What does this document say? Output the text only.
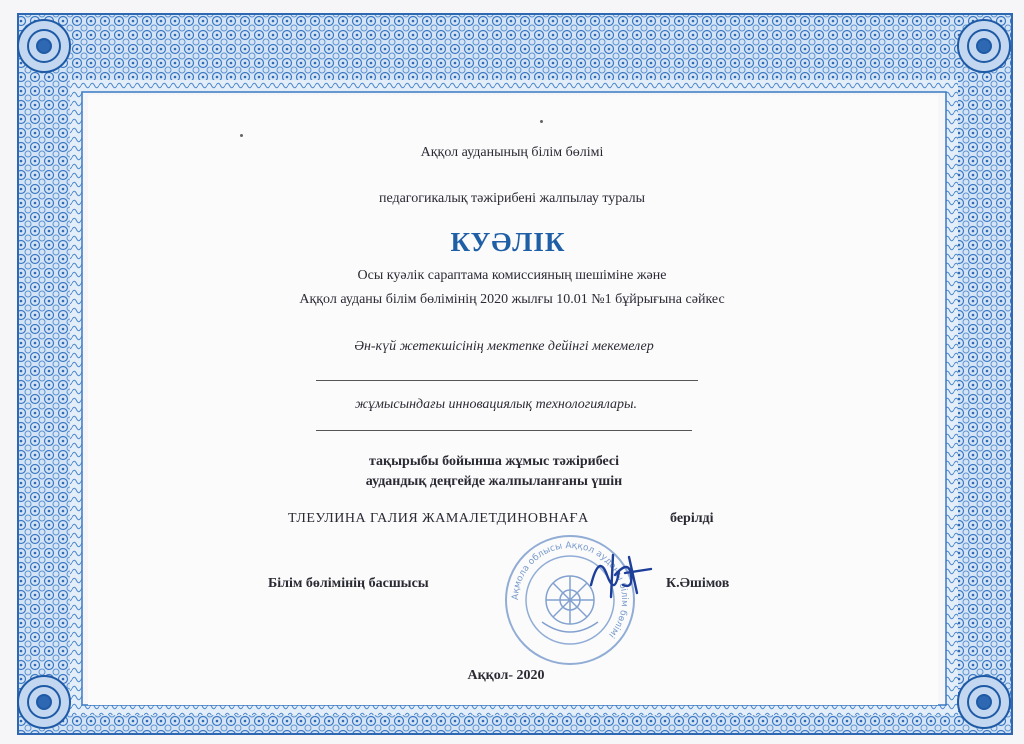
Аққол ауданының білім бөлімі
педагогикалық тәжірибені жалпылау туралы
КУӘЛІК
Осы куәлік сараптама комиссияның шешіміне және
Аққол ауданы білім бөлімінің 2020 жылғы 10.01 №1 бұйрығына сәйкес
Ән-күй жетекшісінің мектепке дейінгі мекемелер
жұмысындағы инновациялық технологиялары.
тақырыбы бойынша жұмыс тәжірибесі
аудандық деңгейде жалпыланғаны үшін
ТЛЕУЛИНА ГАЛИЯ ЖАМАЛЕТДИНОВНАҒА	берілді
Білім бөлімінің басшысы	К.Әшімов
Ақмола облысы Аққол ауданы білім бөлімі
Аққол- 2020
